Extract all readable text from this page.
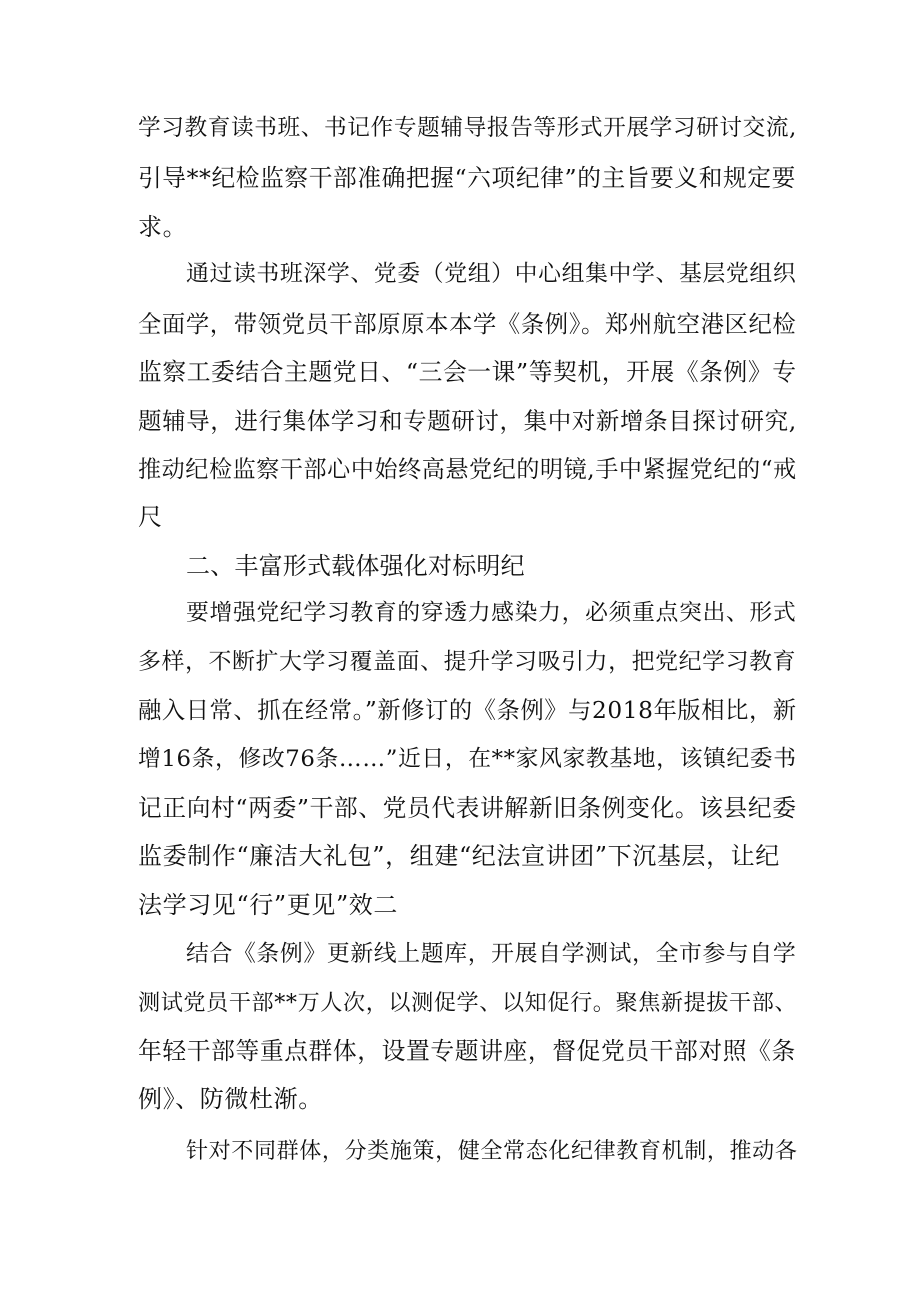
学习教育读书班、书记作专题辅导报告等形式开展学习研讨交流,
引导**纪检监察干部准确把握“六项纪律”的主旨要义和规定要
求。
通过读书班深学、党委（党组）中心组集中学、基层党组织
全面学，带领党员干部原原本本学《条例》。郑州航空港区纪检
监察工委结合主题党日、“三会一课”等契机，开展《条例》专
题辅导，进行集体学习和专题研讨，集中对新增条目探讨研究,
推动纪检监察干部心中始终高悬党纪的明镜,手中紧握党纪的“戒
尺
二、丰富形式载体强化对标明纪
要增强党纪学习教育的穿透力感染力，必须重点突出、形式
多样，不断扩大学习覆盖面、提升学习吸引力，把党纪学习教育
融入日常、抓在经常。”新修订的《条例》与2018年版相比，新
增16条，修改76条……”近日，在**家风家教基地，该镇纪委书
记正向村“两委”干部、党员代表讲解新旧条例变化。该县纪委
监委制作“廉洁大礼包”，组建“纪法宣讲团”下沉基层，让纪
法学习见“行”更见”效二
结合《条例》更新线上题库，开展自学测试，全市参与自学
测试党员干部**万人次，以测促学、以知促行。聚焦新提拔干部、
年轻干部等重点群体，设置专题讲座，督促党员干部对照《条
例》、防微杜渐。
针对不同群体，分类施策，健全常态化纪律教育机制，推动各
